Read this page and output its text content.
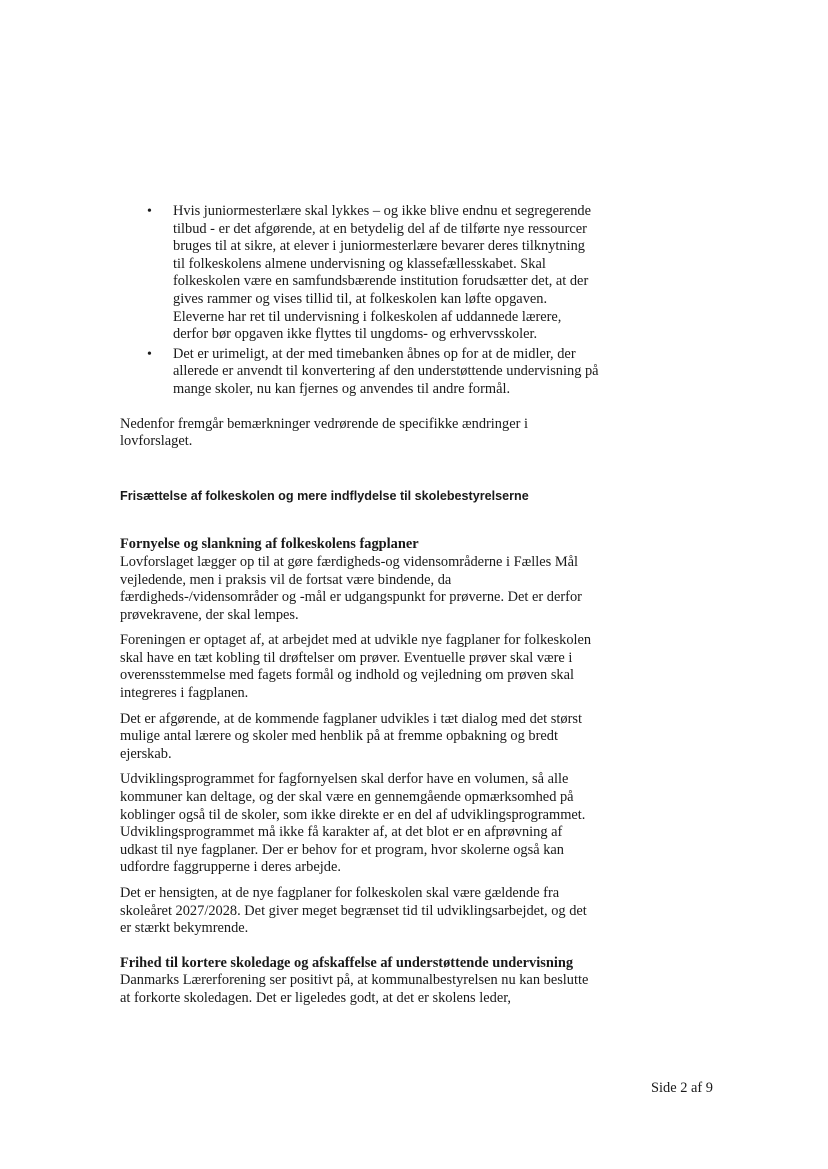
• Hvis juniormesterlære skal lykkes – og ikke blive endnu et segregerende tilbud - er det afgørende, at en betydelig del af de tilførte nye ressourcer bruges til at sikre, at elever i juniormesterlære bevarer deres tilknytning til folkeskolens almene undervisning og klassefællesskabet. Skal folkeskolen være en samfundsbærende institution forudsætter det, at der gives rammer og vises tillid til, at folkeskolen kan løfte opgaven. Eleverne har ret til undervisning i folkeskolen af uddannede lærere, derfor bør opgaven ikke flyttes til ungdoms- og erhvervsskoler.
• Det er urimeligt, at der med timebanken åbnes op for at de midler, der allerede er anvendt til konvertering af den understøttende undervisning på mange skoler, nu kan fjernes og anvendes til andre formål.

Nedenfor fremgår bemærkninger vedrørende de specifikke ændringer i lovforslaget.

Frisættelse af folkeskolen og mere indflydelse til skolebestyrelserne

Fornyelse og slankning af folkeskolens fagplaner

Lovforslaget lægger op til at gøre færdigheds-og vidensområderne i Fælles Mål vejledende, men i praksis vil de fortsat være bindende, da færdigheds-/vidensområder og -mål er udgangspunkt for prøverne. Det er derfor prøvekravene, der skal lempes.

Foreningen er optaget af, at arbejdet med at udvikle nye fagplaner for folkeskolen skal have en tæt kobling til drøftelser om prøver. Eventuelle prøver skal være i overensstemmelse med fagets formål og indhold og vejledning om prøven skal integreres i fagplanen.

Det er afgørende, at de kommende fagplaner udvikles i tæt dialog med det størst mulige antal lærere og skoler med henblik på at fremme opbakning og bredt ejerskab.

Udviklingsprogrammet for fagfornyelsen skal derfor have en volumen, så alle kommuner kan deltage, og der skal være en gennemgående opmærksomhed på koblinger også til de skoler, som ikke direkte er en del af udviklingsprogrammet. Udviklingsprogrammet må ikke få karakter af, at det blot er en afprøvning af udkast til nye fagplaner. Der er behov for et program, hvor skolerne også kan udfordre faggrupperne i deres arbejde.

Det er hensigten, at de nye fagplaner for folkeskolen skal være gældende fra skoleåret 2027/2028. Det giver meget begrænset tid til udviklingsarbejdet, og det er stærkt bekymrende.

Frihed til kortere skoledage og afskaffelse af understøttende undervisning

Danmarks Lærerforening ser positivt på, at kommunalbestyrelsen nu kan beslutte at forkorte skoledagen. Det er ligeledes godt, at det er skolens leder,

Side 2 af 9
